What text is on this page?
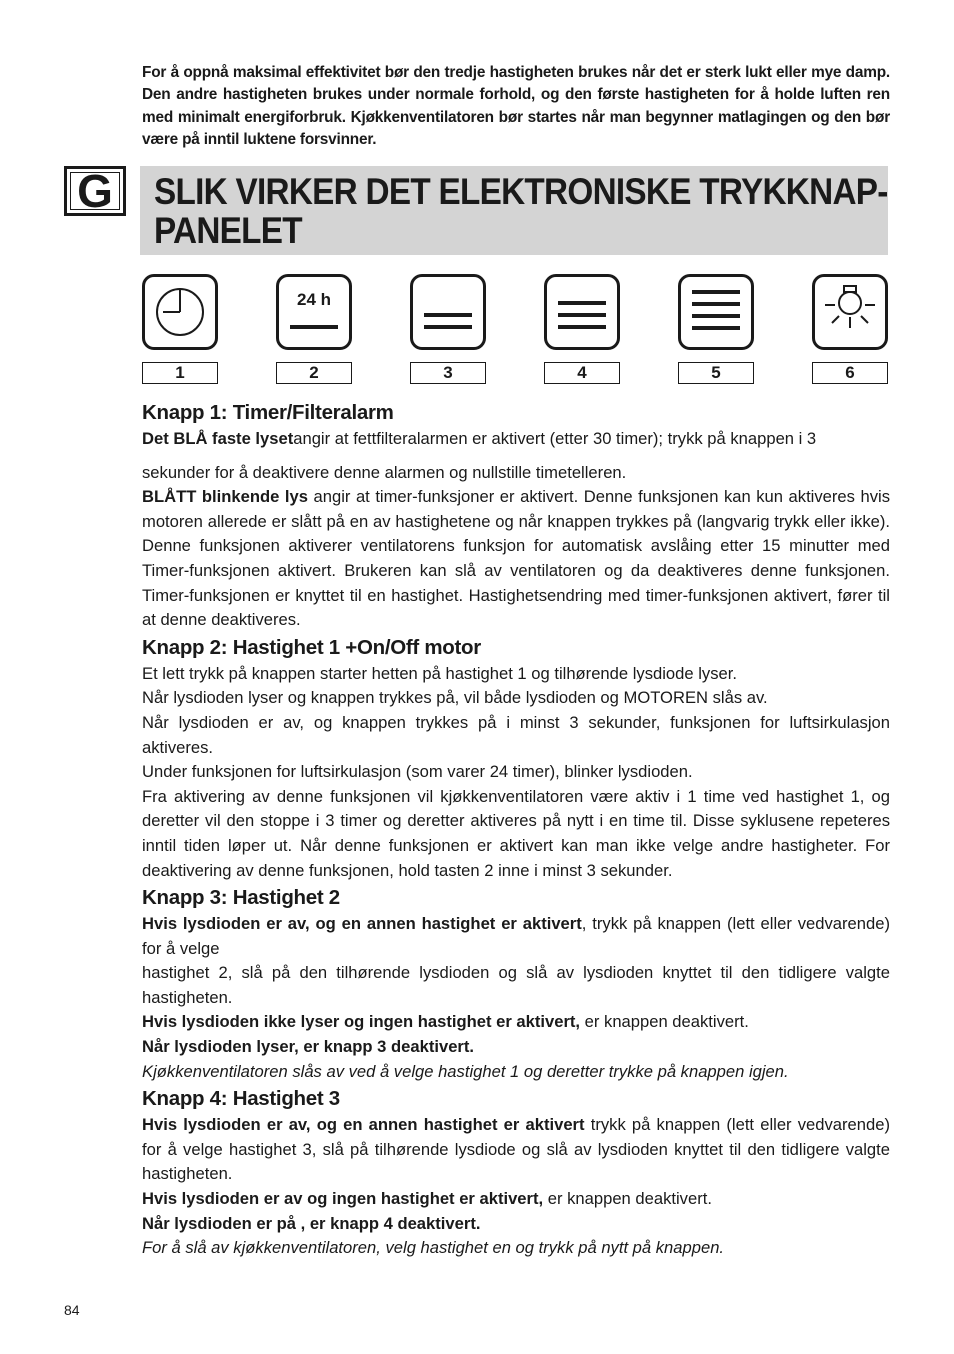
For å oppnå maksimal effektivitet bør den tredje hastigheten brukes når det er sterk lukt eller mye damp. Den andre hastigheten brukes under normale forhold, og den første hastigheten for å holde luften ren med minimalt energiforbruk. Kjøkkenventilatoren bør startes når man begynner matlagingen og den bør være på inntil luktene forsvinner.
G	SLIK VIRKER DET ELEKTRONISKE TRYKKNAP-
PANELET
24 h
1	2	3	4	5	6
Knapp 1: Timer/Filteralarm

Det BLÅ faste lysetangir at fettfilteralarmen er aktivert (etter 30 timer); trykk på knappen i 3

sekunder for å deaktivere denne alarmen og nullstille timetelleren.

BLÅTT blinkende lys angir at timer-funksjoner er aktivert. Denne funksjonen kan kun aktiveres hvis motoren allerede er slått på en av hastighetene og når knappen trykkes på (langvarig trykk eller ikke). Denne funksjonen aktiverer ventilatorens funksjon for automatisk avslåing etter 15 minutter med Timer-funksjonen aktivert. Brukeren kan slå av ventilatoren og da deaktiveres denne funksjonen. Timer-funksjonen er knyttet til en hastighet. Hastighetsendring med timer-funksjonen aktivert, fører til at denne deaktiveres.

Knapp 2: Hastighet 1 +On/Off motor

Et lett trykk på knappen starter hetten på hastighet 1 og tilhørende lysdiode lyser.

Når lysdioden lyser og knappen trykkes på, vil både lysdioden og MOTOREN slås av.

Når lysdioden er av, og knappen trykkes på i minst 3 sekunder, funksjonen for luftsirkulasjon aktiveres.

Under funksjonen for luftsirkulasjon (som varer 24 timer), blinker lysdioden.

Fra aktivering av denne funksjonen vil kjøkkenventilatoren være aktiv i 1 time ved hastighet 1, og deretter vil den stoppe i 3 timer og deretter aktiveres på nytt i en time til. Disse syklusene repeteres inntil tiden løper ut. Når denne funksjonen er aktivert kan man ikke velge andre hastigheter. For deaktivering av denne funksjonen, hold tasten 2 inne i minst 3 sekunder.

Knapp 3: Hastighet 2

Hvis lysdioden er av, og en annen hastighet er aktivert, trykk på knappen (lett eller vedvarende) for å velge

hastighet 2, slå på den tilhørende lysdioden og slå av lysdioden knyttet til den tidligere valgte hastigheten.

Hvis lysdioden ikke lyser og ingen hastighet er aktivert, er knappen deaktivert.

Når lysdioden lyser, er knapp 3 deaktivert.

Kjøkkenventilatoren slås av ved å velge hastighet 1 og deretter trykke på knappen igjen.

Knapp 4: Hastighet 3

Hvis lysdioden er av, og en annen hastighet er aktivert trykk på knappen (lett eller vedvarende) for å velge hastighet 3, slå på tilhørende lysdiode og slå av lysdioden knyttet til den tidligere valgte hastigheten.

Hvis lysdioden er av og ingen hastighet er aktivert, er knappen deaktivert.

Når lysdioden er på , er knapp 4 deaktivert.

For å slå av kjøkkenventilatoren, velg hastighet en og trykk på nytt på knappen.

84
